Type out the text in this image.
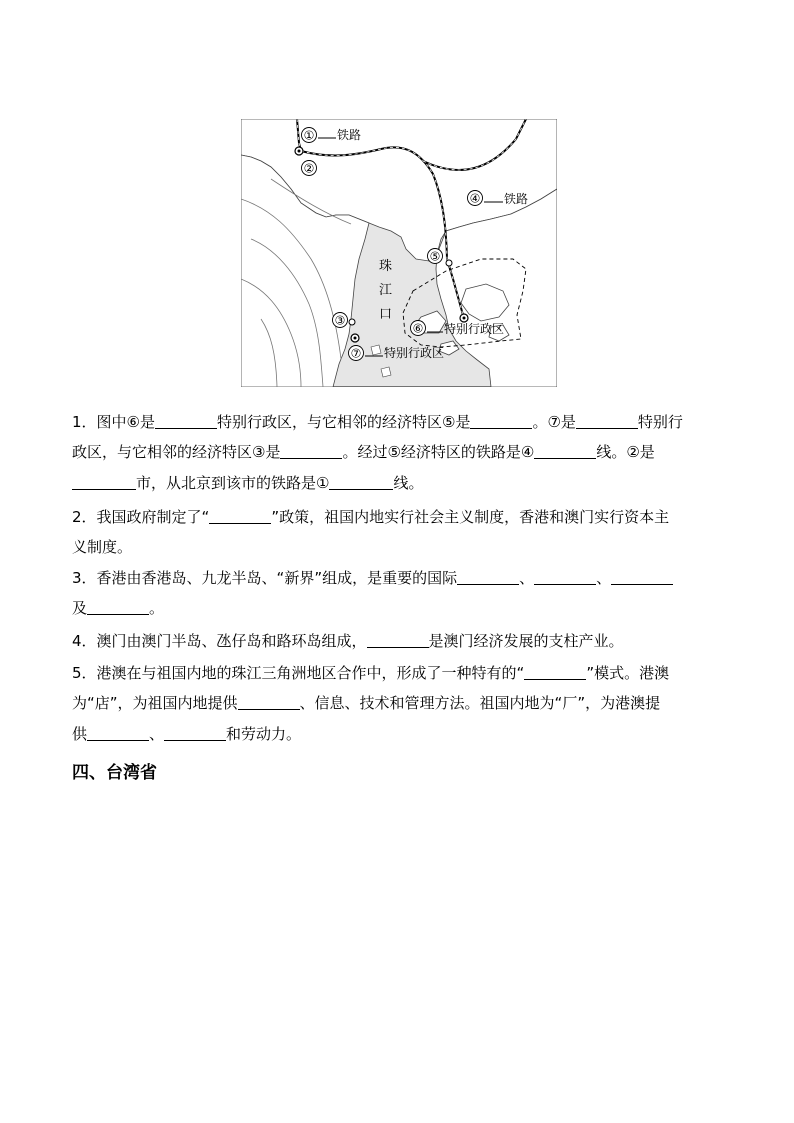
① 铁路
②
④ 铁路
⑤
③
⑥ 特别行政区
⑦ 特别行政区
珠
江
口

1．图中⑥是	特别行政区，与它相邻的经济特区⑤是	。⑦是	特别行

政区，与它相邻的经济特区③是	。经过⑤经济特区的铁路是④	线。②是

市，从北京到该市的铁路是①	线。

2．我国政府制定了“	”政策，祖国内地实行社会主义制度，香港和澳门实行资本主

义制度。

3．香港由香港岛、九龙半岛、“新界”组成，是重要的国际	、	、

及	。

4．澳门由澳门半岛、氹仔岛和路环岛组成，	是澳门经济发展的支柱产业。

5．港澳在与祖国内地的珠江三角洲地区合作中，形成了一种特有的“	”模式。港澳

为“店”，为祖国内地提供	、信息、技术和管理方法。祖国内地为“厂”，为港澳提

供	、	和劳动力。

四、台湾省
